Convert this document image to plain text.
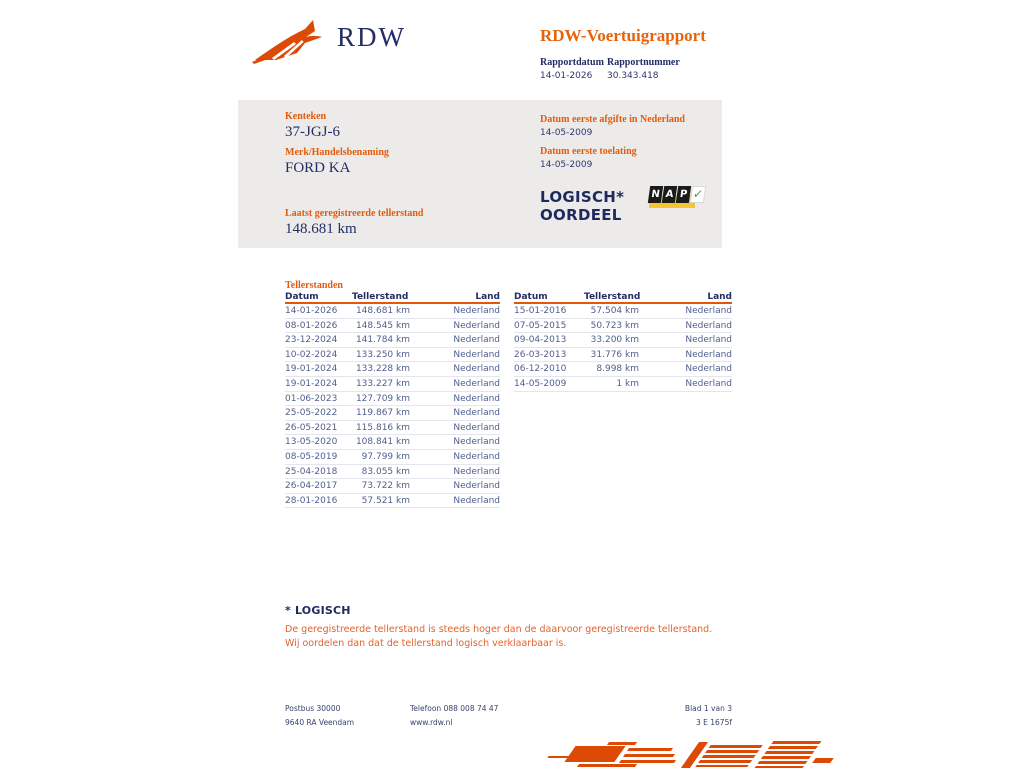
RDW	RDW-Voertuigrapport
Rapportdatum
14-01-2026
Rapportnummer
30.343.418
Kenteken
37-JGJ-6
Merk/Handelsbenaming
FORD KA
Laatst geregistreerde tellerstand
148.681 km
Datum eerste afgifte in Nederland
14-05-2009
Datum eerste toelating
14-05-2009
LOGISCH*
OORDEEL
N A P ✓
Tellerstanden
Datum	Tellerstand	Land
14-01-2026	148.681 km	Nederland
08-01-2026	148.545 km	Nederland
23-12-2024	141.784 km	Nederland
10-02-2024	133.250 km	Nederland
19-01-2024	133.228 km	Nederland
19-01-2024	133.227 km	Nederland
01-06-2023	127.709 km	Nederland
25-05-2022	119.867 km	Nederland
26-05-2021	115.816 km	Nederland
13-05-2020	108.841 km	Nederland
08-05-2019	97.799 km	Nederland
25-04-2018	83.055 km	Nederland
26-04-2017	73.722 km	Nederland
28-01-2016	57.521 km	Nederland
Datum	Tellerstand	Land
15-01-2016	57.504 km	Nederland
07-05-2015	50.723 km	Nederland
09-04-2013	33.200 km	Nederland
26-03-2013	31.776 km	Nederland
06-12-2010	8.998 km	Nederland
14-05-2009	1 km	Nederland
* LOGISCH
De geregistreerde tellerstand is steeds hoger dan de daarvoor geregistreerde tellerstand. Wij oordelen dan dat de tellerstand logisch verklaarbaar is.
Postbus 30000
9640 RA Veendam
Telefoon 088 008 74 47
www.rdw.nl
Blad 1 van 3
3 E 1675f
